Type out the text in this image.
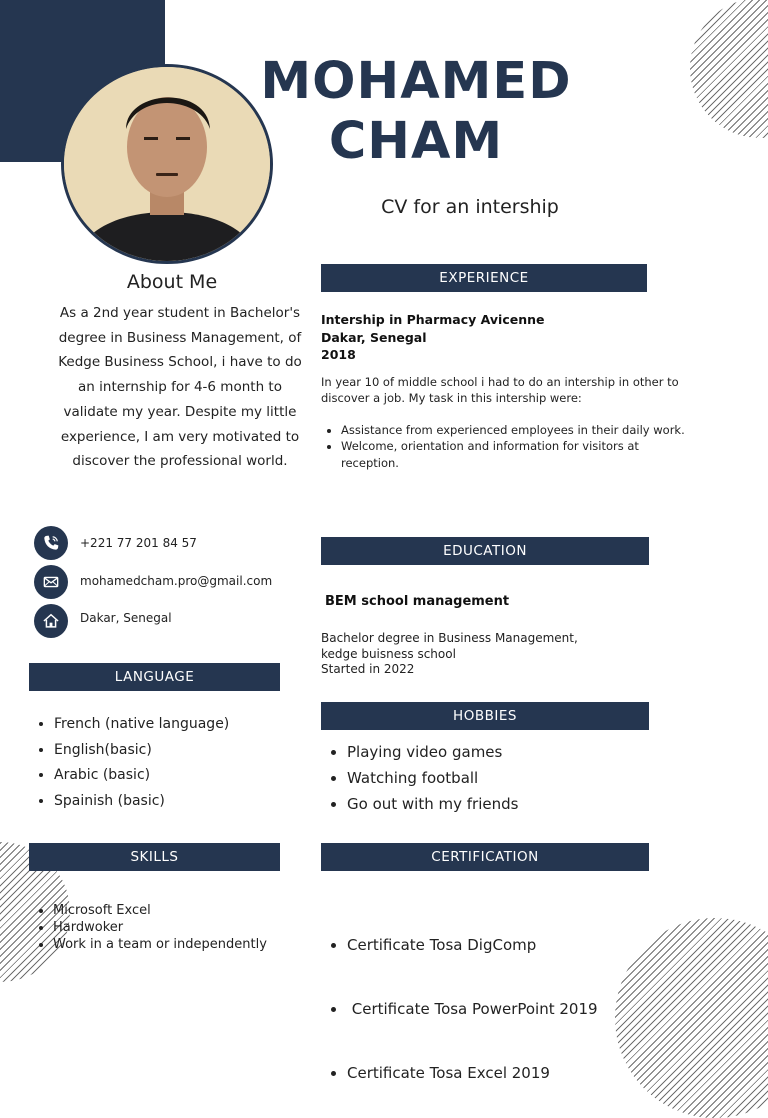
MOHAMED
CHAM
CV for an intership
About Me
As a 2nd year student in Bachelor's degree in Business Management, of Kedge Business School, i have to do an internship for 4-6 month to validate my year. Despite my little experience, I am very motivated to discover the professional world.
+221 77 201 84 57
mohamedcham.pro@gmail.com
Dakar, Senegal
LANGUAGE
• French (native language)
• English(basic)
• Arabic (basic)
• Spainish (basic)
SKILLS
• Microsoft Excel
• Hardwoker
• Work in a team or independently
EXPERIENCE
Intership in Pharmacy Avicenne
Dakar, Senegal
2018
In year 10 of middle school i had to do an intership in other to discover a job. My task in this intership were:
• Assistance from experienced employees in their daily work.
• Welcome, orientation and information for visitors at reception.
EDUCATION
BEM school management
Bachelor degree in Business Management,
kedge buisness school
Started in 2022
HOBBIES
• Playing video games
• Watching football
• Go out with my friends
CERTIFICATION

• Certificate Tosa DigComp

•  Certificate Tosa PowerPoint 2019

• Certificate Tosa Excel 2019
